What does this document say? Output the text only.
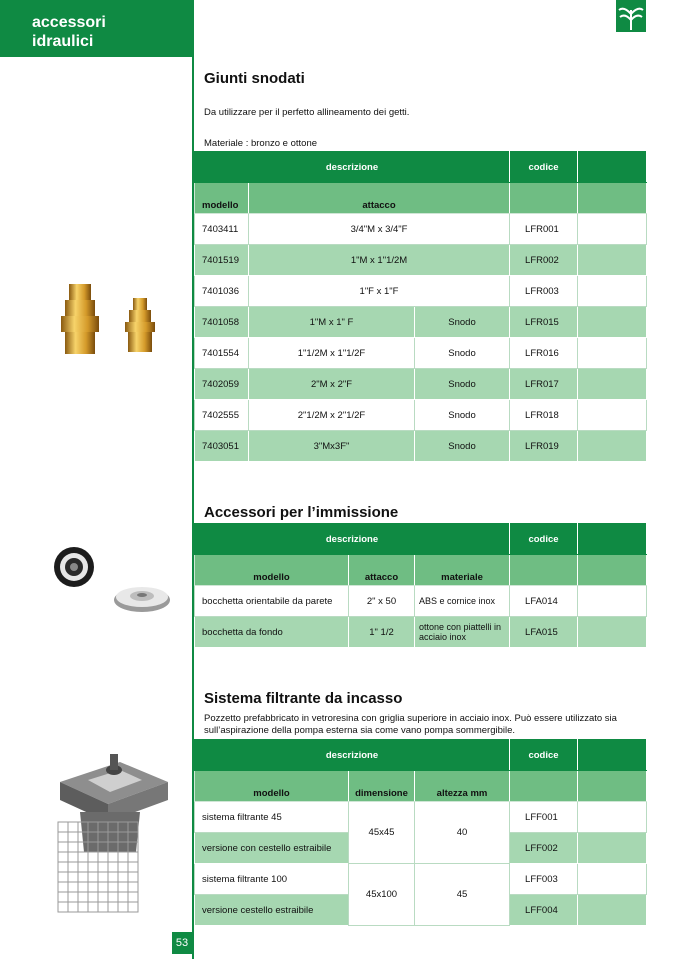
accessori
idraulici
53
Giunti snodati
Da utilizzare per il perfetto allineamento dei getti.
Materiale : bronzo e ottone
descrizione			codice	
modello	attacco			
7403411	3/4"M x 3/4"F		LFR001	
7401519	1"M x 1"1/2M		LFR002	
7401036	1"F x 1"F		LFR003	
7401058	1"M x 1" F	Snodo	LFR015	
7401554	1"1/2M x 1"1/2F	Snodo	LFR016	
7402059	2"M x 2"F	Snodo	LFR017	
7402555	2"1/2M x 2"1/2F	Snodo	LFR018	
7403051	3"Mx3F"	Snodo	LFR019	
Accessori per l’immissione
descrizione			codice	
modello	attacco	materiale		
bocchetta orientabile da parete	2" x 50	ABS e cornice inox	LFA014	
bocchetta da fondo	1" 1/2	ottone con piattelli in acciaio inox	LFA015	
Sistema filtrante da incasso
Pozzetto prefabbricato in vetroresina con griglia superiore in acciaio inox. Può essere utilizzato sia sull’aspirazione della pompa esterna sia come vano pompa sommergibile.
descrizione			codice	
modello	dimensione	altezza mm		
sistema filtrante 45	45x45	40	LFF001	
versione con cestello estraibile			LFF002	
sistema filtrante 100	45x100	45	LFF003	
versione cestello estraibile			LFF004	
